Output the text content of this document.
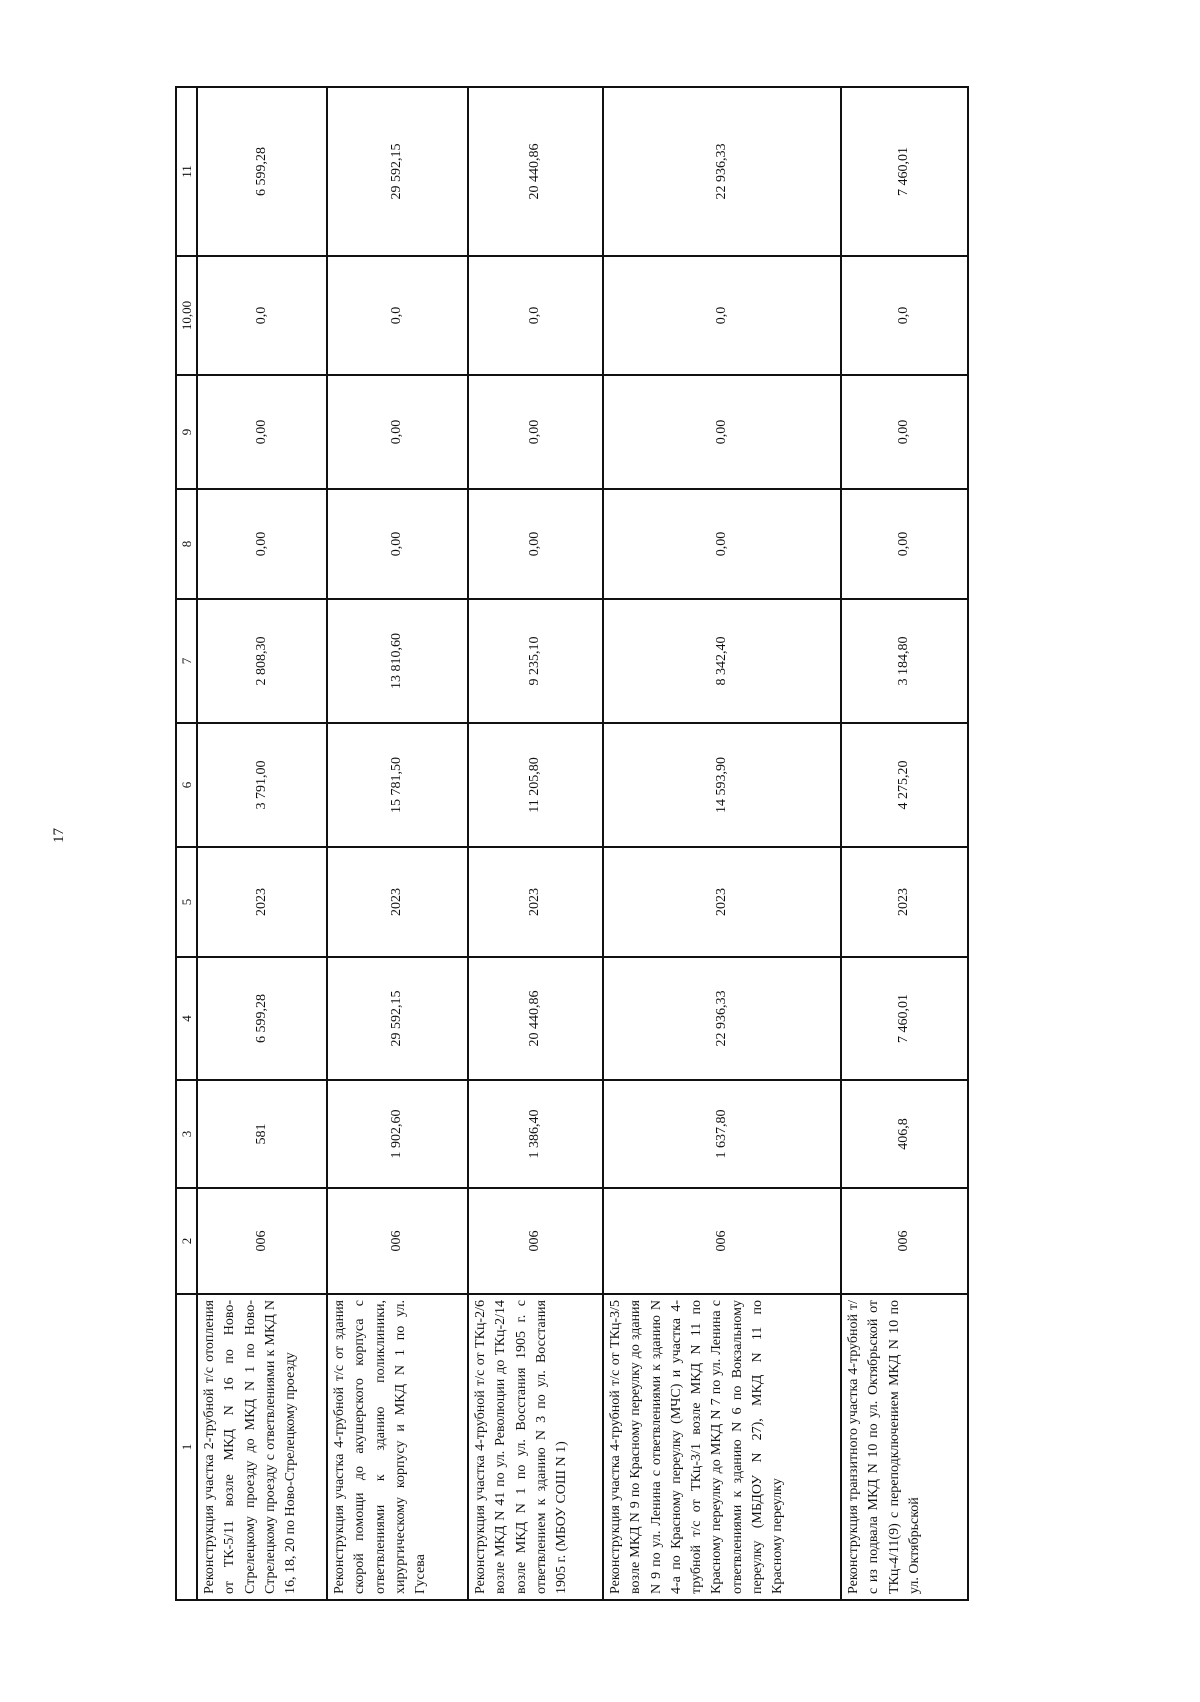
17
1	2	3	4	5	6	7	8	9	10,00	11
Реконструкция участка 2-трубной т/с отопления от ТК-5/11 возле МКД N 16 по Ново-Стрелецкому проезду до МКД N 1 по Ново-Стрелецкому проезду с ответвлениями к МКД N 16, 18, 20 по Ново-Стрелецкому проезду	006	581	6 599,28	2023	3 791,00	2 808,30	0,00	0,00	0,0	6 599,28
Реконструкция участка 4-трубной т/с от здания скорой помощи до акушерского корпуса с ответвлениями к зданию поликлиники, хирургическому корпусу и МКД N 1 по ул. Гусева	006	1 902,60	29 592,15	2023	15 781,50	13 810,60	0,00	0,00	0,0	29 592,15
Реконструкция участка 4-трубной т/с от ТКц-2/6 возле МКД N 41 по ул. Революции до ТКц-2/14 возле МКД N 1 по ул. Восстания 1905 г. с ответвлением к зданию N 3 по ул. Восстания 1905 г. (МБОУ СОШ N 1)	006	1 386,40	20 440,86	2023	11 205,80	9 235,10	0,00	0,00	0,0	20 440,86
Реконструкция участка 4-трубной т/с от ТКц-3/5 возле МКД N 9 по Красному переулку до здания N 9 по ул. Ленина с ответвлениями к зданию N 4-а по Красному переулку (МЧС) и участка 4-трубной т/с от ТКц-3/1 возле МКД N 11 по Красному переулку до МКД N 7 по ул. Ленина с ответвлениями к зданию N 6 по Вокзальному переулку (МБДОУ N 27), МКД N 11 по Красному переулку	006	1 637,80	22 936,33	2023	14 593,90	8 342,40	0,00	0,00	0,0	22 936,33
Реконструкция транзитного участка 4-трубной т/с из подвала МКД N 10 по ул. Октябрьской от ТКц-4/11(9) с переподключением МКД N 10 по ул. Октябрьской	006	406,8	7 460,01	2023	4 275,20	3 184,80	0,00	0,00	0,0	7 460,01
